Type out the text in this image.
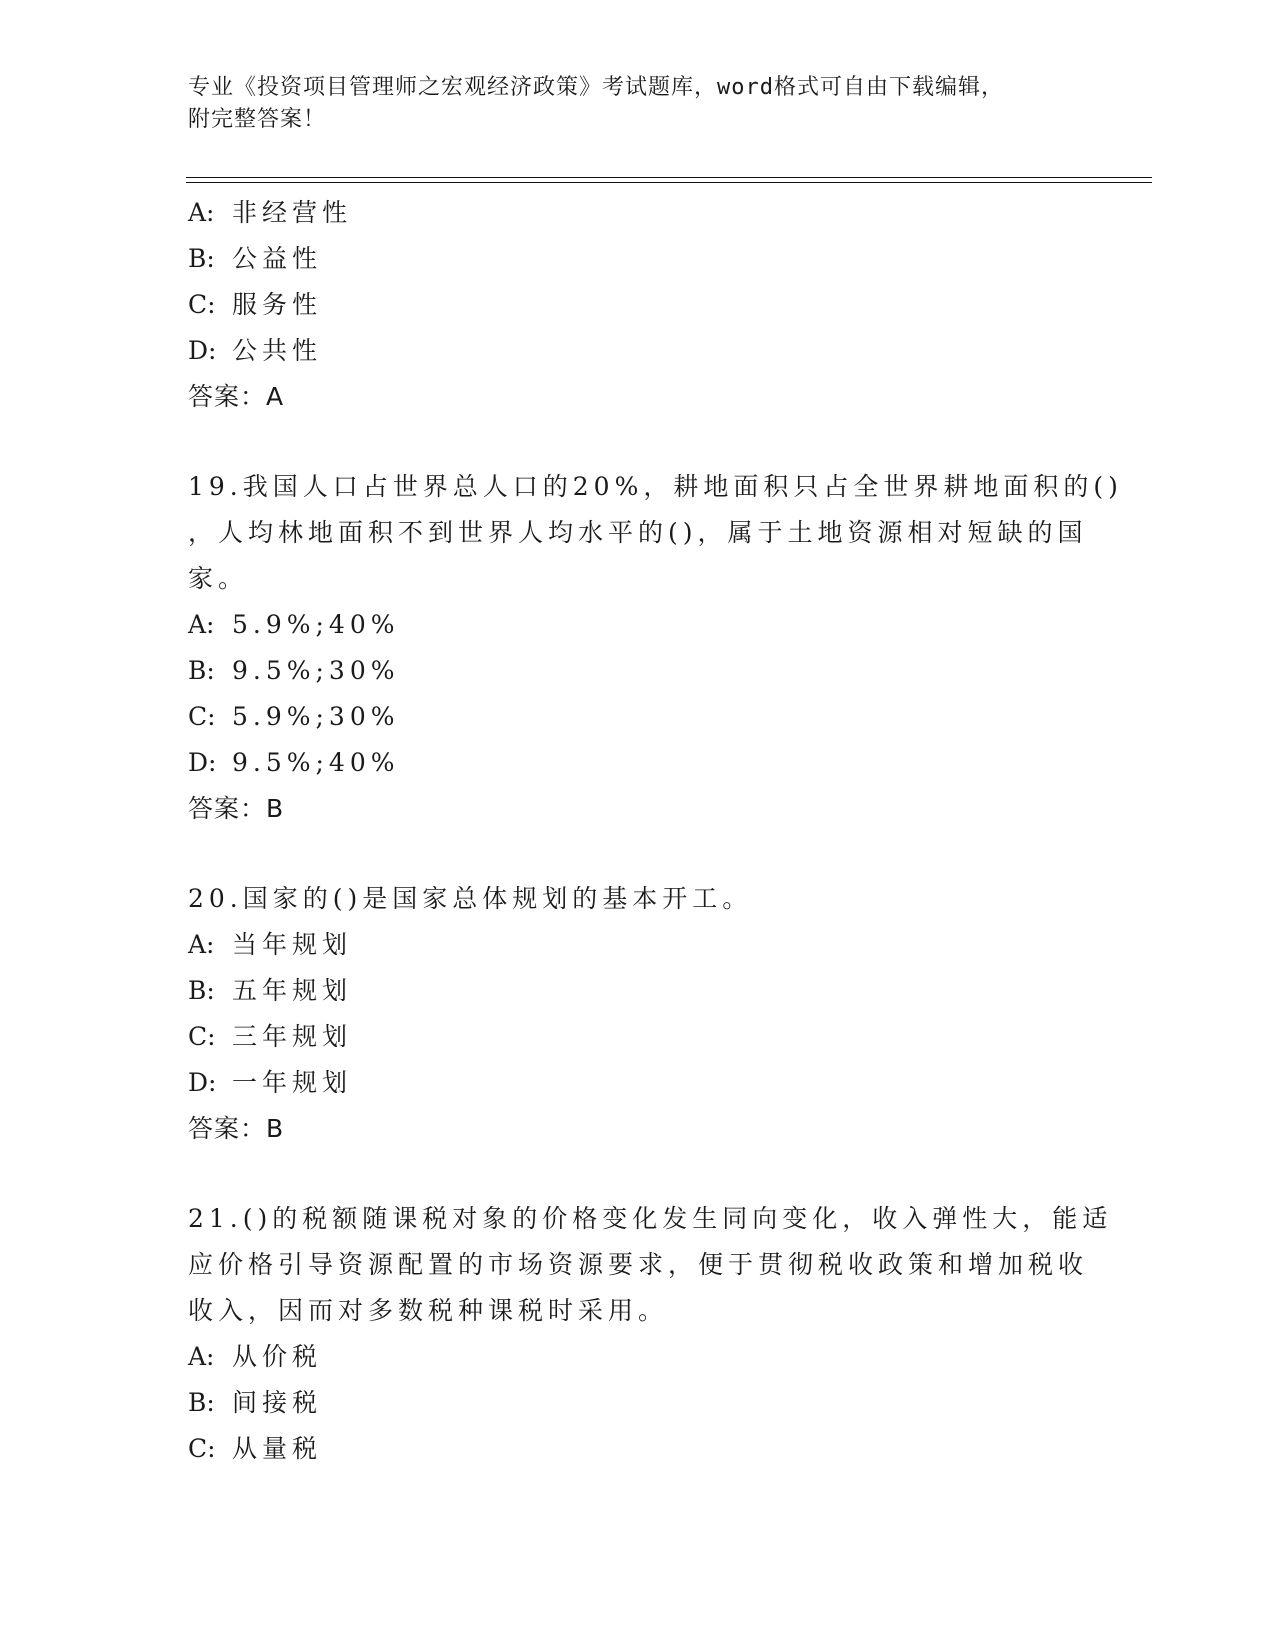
专业《投资项目管理师之宏观经济政策》考试题库，word格式可自由下载编辑，
附完整答案！
A: 非经营性
B: 公益性
C: 服务性
D: 公共性
答案：A
19.我国人口占世界总人口的20%，耕地面积只占全世界耕地面积的()
，人均林地面积不到世界人均水平的()，属于土地资源相对短缺的国
家。
A: 5.9%;40%
B: 9.5%;30%
C: 5.9%;30%
D: 9.5%;40%
答案：B
20.国家的()是国家总体规划的基本开工。
A: 当年规划
B: 五年规划
C: 三年规划
D: 一年规划
答案：B
21.()的税额随课税对象的价格变化发生同向变化，收入弹性大，能适
应价格引导资源配置的市场资源要求，便于贯彻税收政策和增加税收
收入，因而对多数税种课税时采用。
A: 从价税
B: 间接税
C: 从量税
